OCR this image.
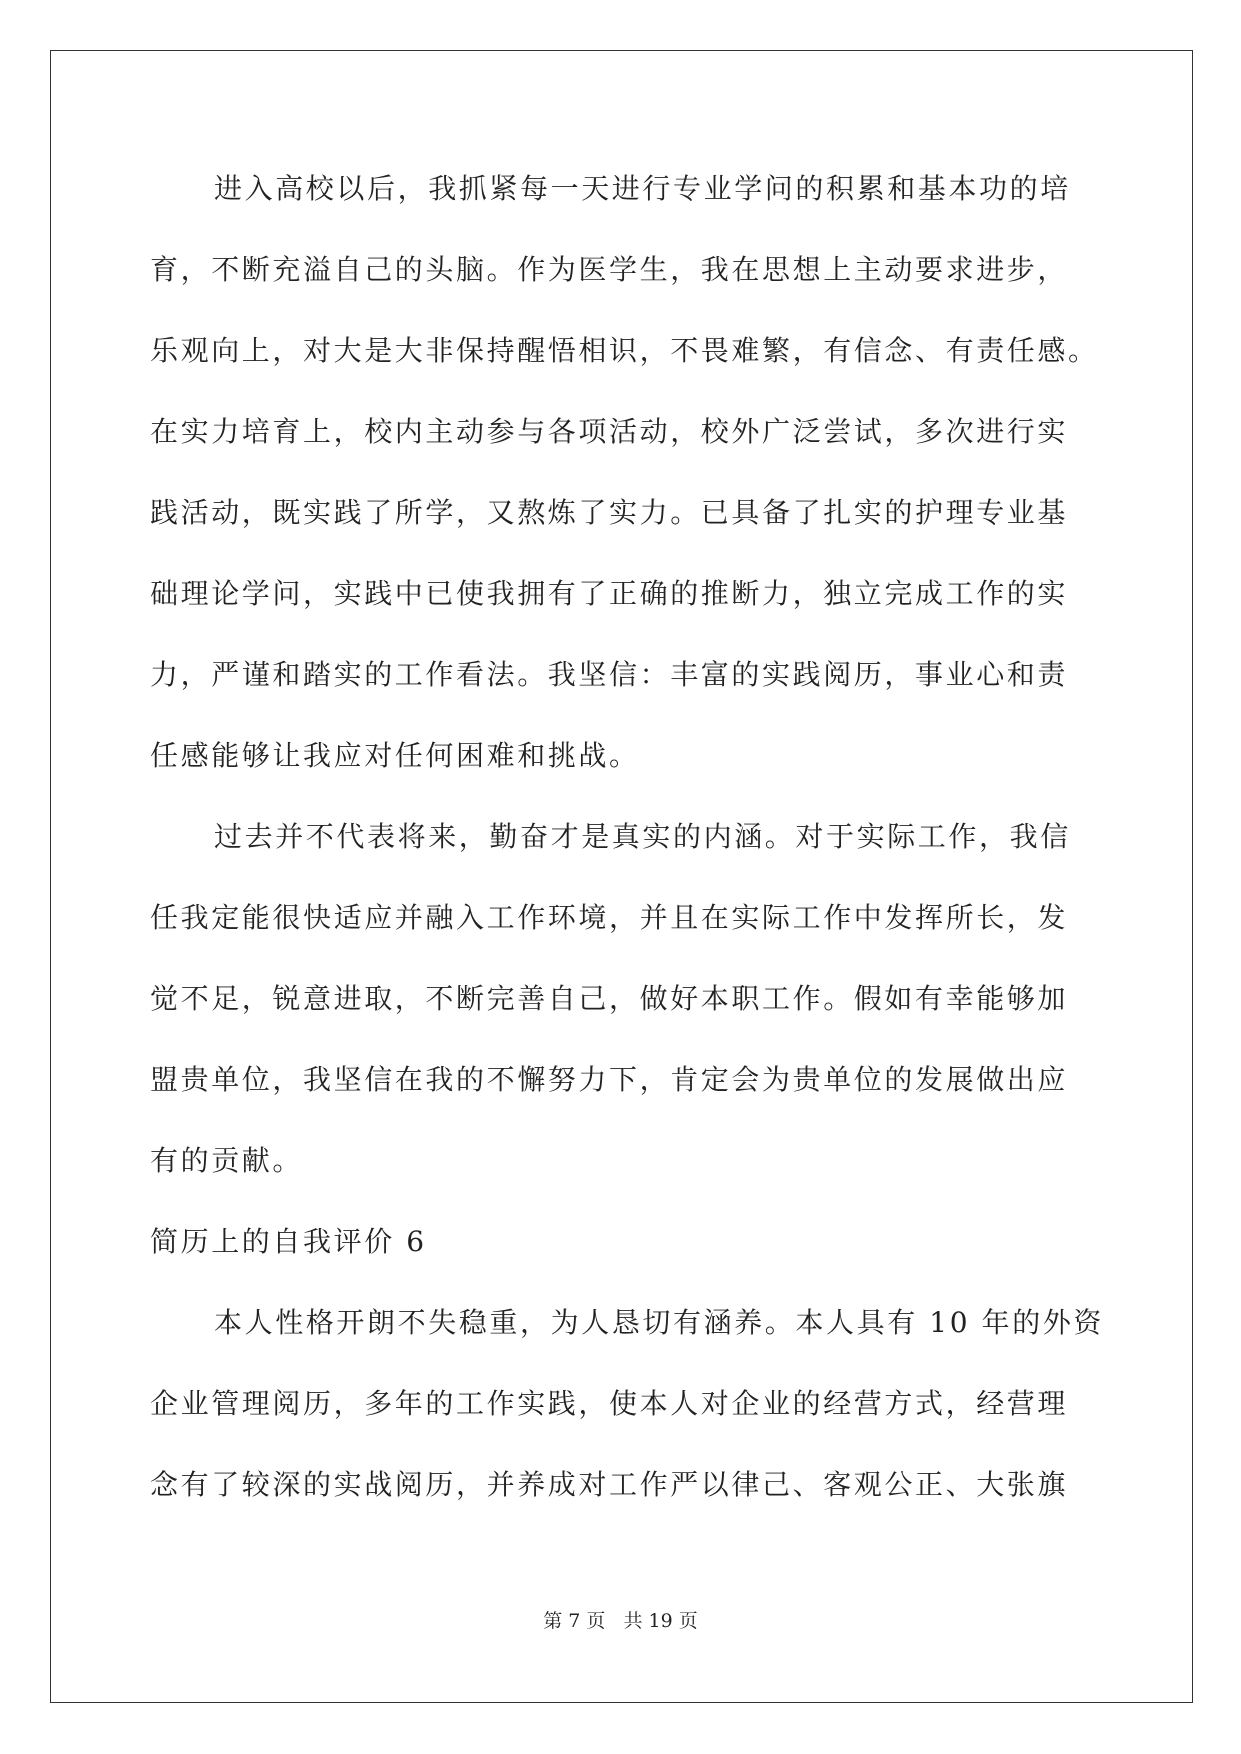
进入高校以后，我抓紧每一天进行专业学问的积累和基本功的培
育，不断充溢自己的头脑。作为医学生，我在思想上主动要求进步，
乐观向上，对大是大非保持醒悟相识，不畏难繁，有信念、有责任感。
在实力培育上，校内主动参与各项活动，校外广泛尝试，多次进行实
践活动，既实践了所学，又熬炼了实力。已具备了扎实的护理专业基
础理论学问，实践中已使我拥有了正确的推断力，独立完成工作的实
力，严谨和踏实的工作看法。我坚信：丰富的实践阅历，事业心和责
任感能够让我应对任何困难和挑战。
过去并不代表将来，勤奋才是真实的内涵。对于实际工作，我信
任我定能很快适应并融入工作环境，并且在实际工作中发挥所长，发
觉不足，锐意进取，不断完善自己，做好本职工作。假如有幸能够加
盟贵单位，我坚信在我的不懈努力下，肯定会为贵单位的发展做出应
有的贡献。
简历上的自我评价 6
本人性格开朗不失稳重，为人恳切有涵养。本人具有 10 年的外资
企业管理阅历，多年的工作实践，使本人对企业的经营方式，经营理
念有了较深的实战阅历，并养成对工作严以律己、客观公正、大张旗
第 7 页 共 19 页
